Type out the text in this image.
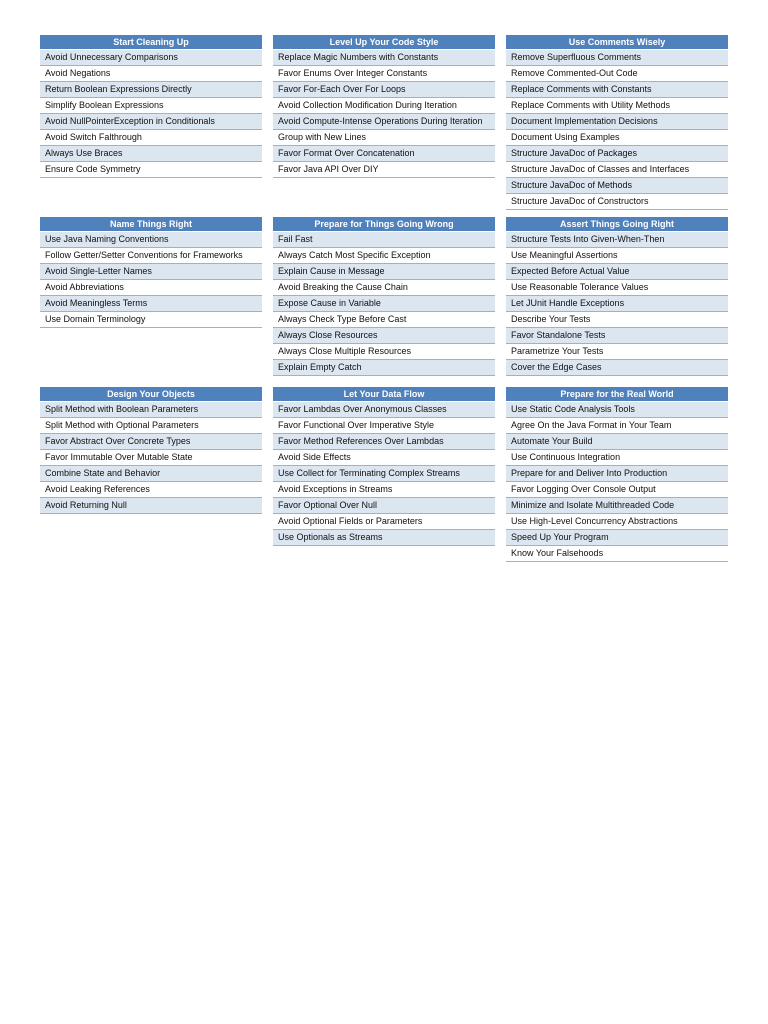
Start Cleaning Up
Avoid Unnecessary Comparisons
Avoid Negations
Return Boolean Expressions Directly
Simplify Boolean Expressions
Avoid NullPointerException in Conditionals
Avoid Switch Falthrough
Always Use Braces
Ensure Code Symmetry
Level Up Your Code Style
Replace Magic Numbers with Constants
Favor Enums Over Integer Constants
Favor For-Each Over For Loops
Avoid Collection Modification During Iteration
Avoid Compute-Intense Operations During Iteration
Group with New Lines
Favor Format Over Concatenation
Favor Java API Over DIY
Use Comments Wisely
Remove Superfluous Comments
Remove Commented-Out Code
Replace Comments with Constants
Replace Comments with Utility Methods
Document Implementation Decisions
Document Using Examples
Structure JavaDoc of Packages
Structure JavaDoc of Classes and Interfaces
Structure JavaDoc of Methods
Structure JavaDoc of Constructors
Name Things Right
Use Java Naming Conventions
Follow Getter/Setter Conventions for Frameworks
Avoid Single-Letter Names
Avoid Abbreviations
Avoid Meaningless Terms
Use Domain Terminology
Prepare for Things Going Wrong
Fail Fast
Always Catch Most Specific Exception
Explain Cause in Message
Avoid Breaking the Cause Chain
Expose Cause in Variable
Always Check Type Before Cast
Always Close Resources
Always Close Multiple Resources
Explain Empty Catch
Assert Things Going Right
Structure Tests Into Given-When-Then
Use Meaningful Assertions
Expected Before Actual Value
Use Reasonable Tolerance Values
Let JUnit Handle Exceptions
Describe Your Tests
Favor Standalone Tests
Parametrize Your Tests
Cover the Edge Cases
Design Your Objects
Split Method with Boolean Parameters
Split Method with Optional Parameters
Favor Abstract Over Concrete Types
Favor Immutable Over Mutable State
Combine State and Behavior
Avoid Leaking References
Avoid Returning Null
Let Your Data Flow
Favor Lambdas Over Anonymous Classes
Favor Functional Over Imperative Style
Favor Method References Over Lambdas
Avoid Side Effects
Use Collect for Terminating Complex Streams
Avoid Exceptions in Streams
Favor Optional Over Null
Avoid Optional Fields or Parameters
Use Optionals as Streams
Prepare for the Real World
Use Static Code Analysis Tools
Agree On the Java Format in Your Team
Automate Your Build
Use Continuous Integration
Prepare for and Deliver Into Production
Favor Logging Over Console Output
Minimize and Isolate Multithreaded Code
Use High-Level Concurrency Abstractions
Speed Up Your Program
Know Your Falsehoods
